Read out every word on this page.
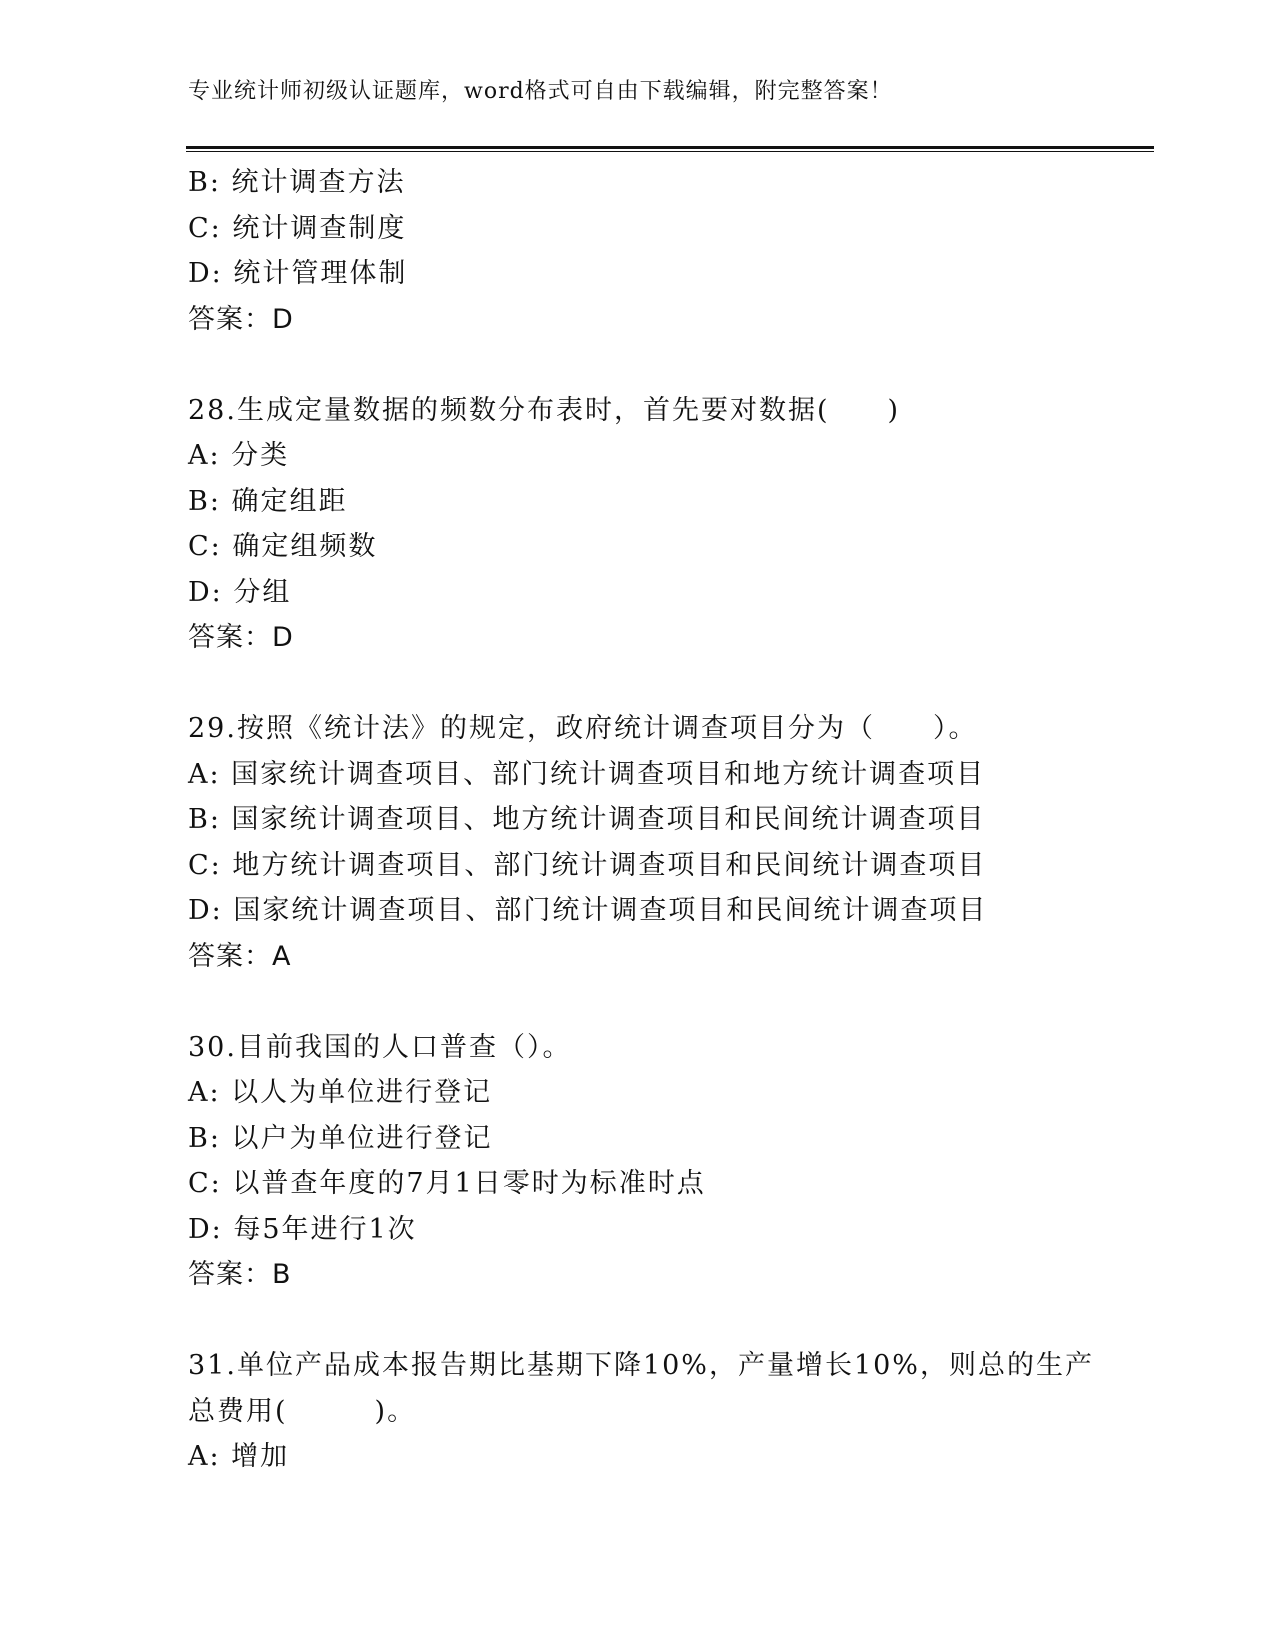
专业统计师初级认证题库，word格式可自由下载编辑，附完整答案！
B: 统计调查方法
C: 统计调查制度
D: 统计管理体制
答案：D
28.生成定量数据的频数分布表时，首先要对数据(　　)
A: 分类
B: 确定组距
C: 确定组频数
D: 分组
答案：D
29.按照《统计法》的规定，政府统计调查项目分为（　　）。
A: 国家统计调查项目、部门统计调查项目和地方统计调查项目
B: 国家统计调查项目、地方统计调查项目和民间统计调查项目
C: 地方统计调查项目、部门统计调查项目和民间统计调查项目
D: 国家统计调查项目、部门统计调查项目和民间统计调查项目
答案：A
30.目前我国的人口普查（）。
A: 以人为单位进行登记
B: 以户为单位进行登记
C: 以普查年度的7月1日零时为标准时点
D: 每5年进行1次
答案：B
31.单位产品成本报告期比基期下降10%，产量增长10%，则总的生产
总费用(　　　)。
A: 增加
